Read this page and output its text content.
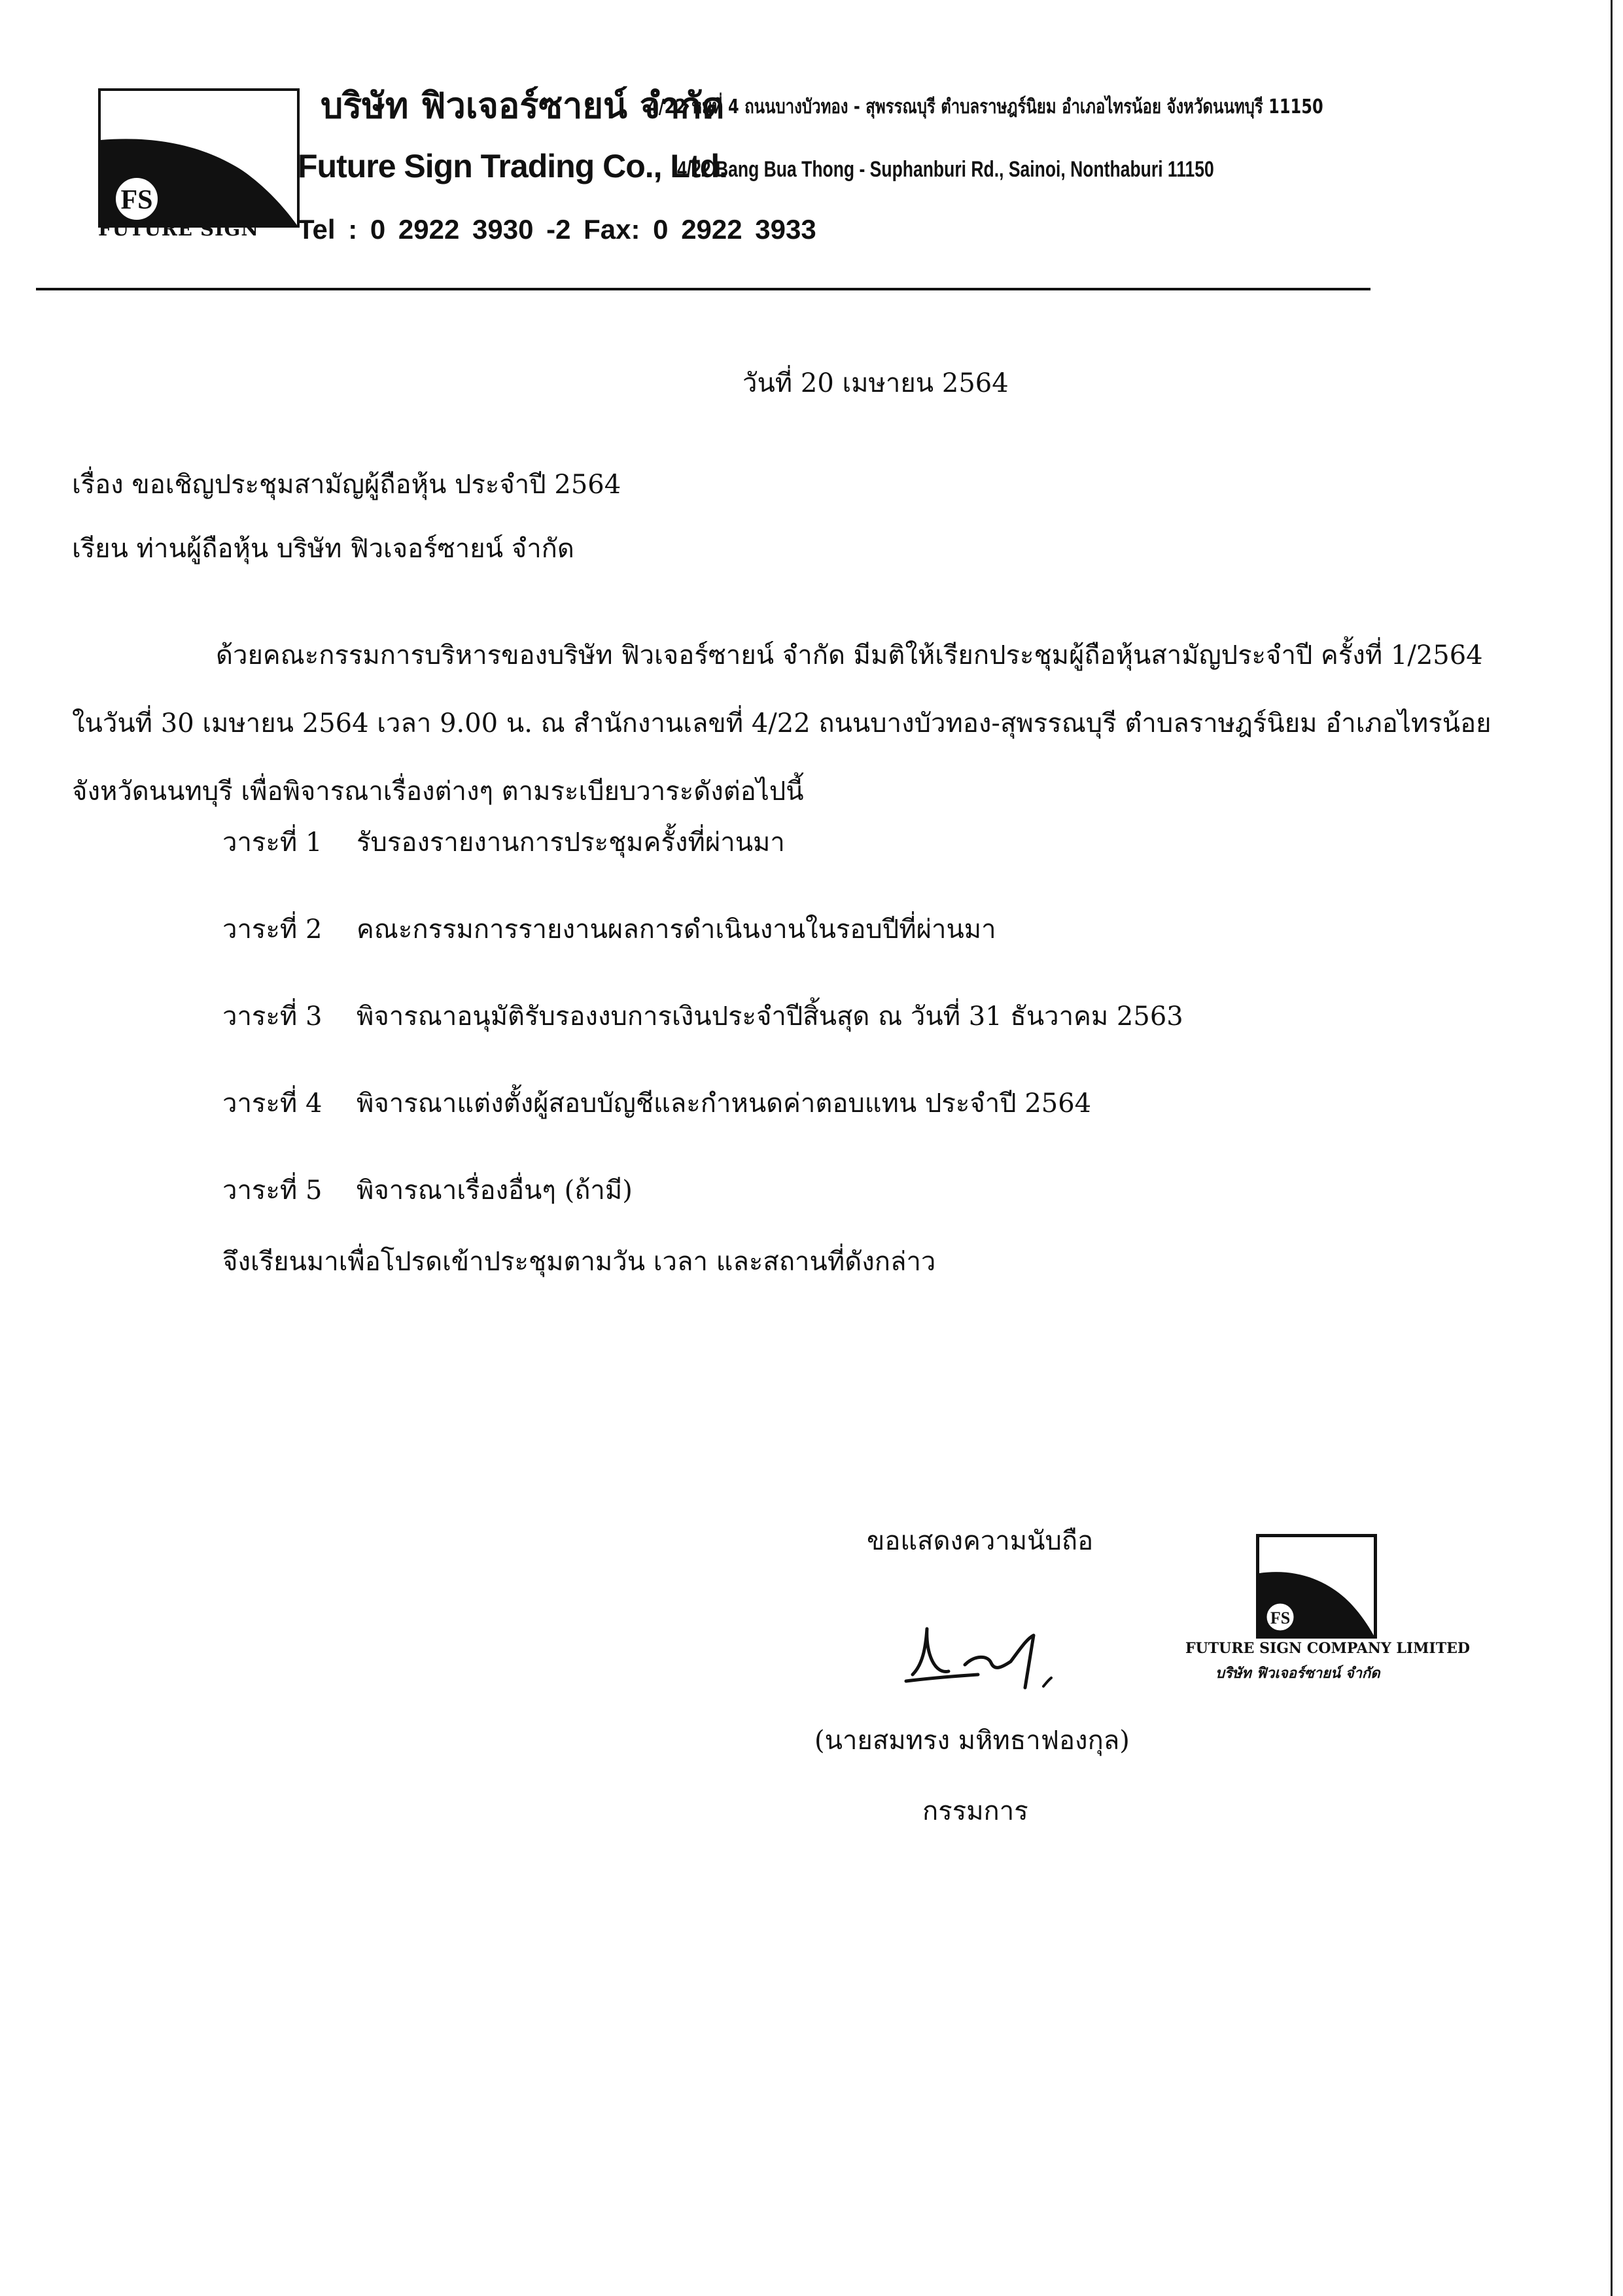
FS
FUTURE SIGN
บริษัท ฟิวเจอร์ซายน์ จำกัด
4/22 หมู่ที่ 4 ถนนบางบัวทอง - สุพรรณบุรี ตำบลราษฎร์นิยม อำเภอไทรน้อย จังหวัดนนทบุรี 11150
Future Sign Trading Co., Ltd.
4/22 Bang Bua Thong - Suphanburi Rd., Sainoi, Nonthaburi 11150
Tel : 0 2922 3930 -2 Fax: 0 2922 3933
วันที่ 20 เมษายน 2564
เรื่อง ขอเชิญประชุมสามัญผู้ถือหุ้น ประจำปี 2564
เรียน ท่านผู้ถือหุ้น บริษัท ฟิวเจอร์ซายน์ จำกัด
ด้วยคณะกรรมการบริหารของบริษัท ฟิวเจอร์ซายน์ จำกัด มีมติให้เรียกประชุมผู้ถือหุ้นสามัญประจำปี ครั้งที่ 1/2564 ในวันที่ 30 เมษายน 2564 เวลา 9.00 น. ณ สำนักงานเลขที่ 4/22 ถนนบางบัวทอง-สุพรรณบุรี ตำบลราษฎร์นิยม อำเภอไทรน้อย จังหวัดนนทบุรี เพื่อพิจารณาเรื่องต่างๆ ตามระเบียบวาระดังต่อไปนี้
วาระที่ 1	รับรองรายงานการประชุมครั้งที่ผ่านมา
วาระที่ 2	คณะกรรมการรายงานผลการดำเนินงานในรอบปีที่ผ่านมา
วาระที่ 3	พิจารณาอนุมัติรับรองงบการเงินประจำปีสิ้นสุด ณ วันที่ 31 ธันวาคม 2563
วาระที่ 4	พิจารณาแต่งตั้งผู้สอบบัญชีและกำหนดค่าตอบแทน ประจำปี 2564
วาระที่ 5	พิจารณาเรื่องอื่นๆ (ถ้ามี)
จึงเรียนมาเพื่อโปรดเข้าประชุมตามวัน เวลา และสถานที่ดังกล่าว
ขอแสดงความนับถือ
(นายสมทรง มหิทธาฟองกุล)
กรรมการ
FS
FUTURE SIGN COMPANY LIMITED
บริษัท ฟิวเจอร์ซายน์ จำกัด
